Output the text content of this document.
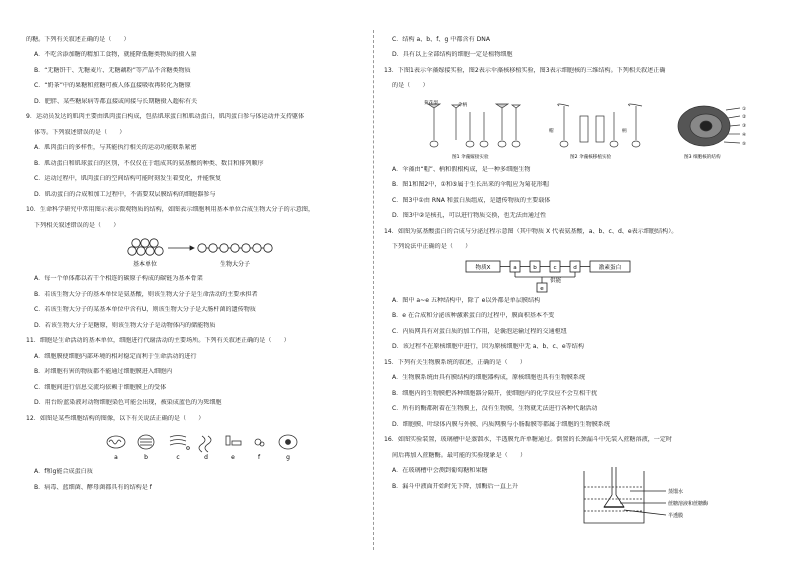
的糖。下列有关叙述正确的是（　　）
A．不吃含添加糖的精加工食物，就能降低糖类物质的摄入量
B．“无糖饼干、无糖麦片、无糖藕粉”等产品不含糖类物质
C．“奶茶”中的果糖和蔗糖可被人体直接吸收再转化为糖原
D．肥胖、某些糖尿病等都直接或间接与长期糖摄入超标有关
9．运动员发达的肌肉主要由肌肉蛋白构成，包括肌球蛋白和肌动蛋白，肌肉蛋白参与体运动并支持躯体
体等。下列叙述错误的是（　　）
A．肌肉蛋白的多样性，与其能执行相关的运动功能联系紧密
B．肌动蛋白和肌球蛋白的区别，不仅仅在于组成其的氨基酸的种类、数目和排列顺序
C．运动过程中，肌肉蛋白的空间结构可能时刻发生着变化，并能恢复
D．肌动蛋白的合成和加工过程中，不需要双层膜结构的细胞器参与
10．生命科学研究中常用图示表示微观物质的结构，如图表示细胞利用基本单位合成生物大分子的示意图，
下列相关叙述错误的是（　　）
基本单位	生物大分子
A．每一个单体都以若干个相连的碳原子构成的碳链为基本骨架
B．若该生物大分子的基本单位是氨基酸，则该生物大分子是生命活动的主要承担者
C．若该生物大分子的某基本单位中含有U，则该生物大分子是大肠杆菌的遗传物质
D．若该生物大分子是糖原，则该生物大分子是动物体内的储能物质
11．细胞是生命活动的基本单位，细胞进行代谢活动的主要场所。下列有关叙述正确的是（　　）
A．细胞膜使细胞内部环境的相对稳定而利于生命活动的进行
B．对细胞有害的物质都不能通过细胞膜进入细胞内
C．细胞间进行信息交流均依赖于细胞膜上的受体
D．用台盼蓝染液对动物细胞染色可能会出现，被染成蓝色的为死细胞
12．如图是某些细胞结构的图像，以下有关说法正确的是（　　）
a	b	c	d	e	f	g
A．f和g能合成蛋白质
B．病毒、蓝细菌、酵母菌都具有的结构是 f
C．结构 a、b、f、g 中都含有 DNA
D．具有以上全部结构的细胞一定是植物细胞
13．下图1表示伞藻嫁接实验，图2表示伞藻核移植实验，图3表示细胞核的三维结构。下列相关叙述正确
的是（　　）
菊花型	伞柄
帽	柄
①
②
③
④
⑤
图1 伞藻嫁接实验	图2 伞藻核移植实验	图3 细胞核的结构
A．伞藻由“帽”、柄和假根构成，是一种多细胞生物
B．图1和图2中，①和⑤属于生长出来的伞帽应为菊花形帽
C．图3中①由 RNA 和蛋白质组成，是遗传物质的主要载体
D．图3中②是核孔，可以进行物质交换，也无法由通过性
14．如图为氨基酸蛋白的合成与分泌过程示意图（其中物质 X 代表氨基酸，a、b、c、d、e表示细胞结构）。
下列说法中正确的是（　　）
物质X	a	b	c	d	激素蛋白
供能
e
A．图中 a~e 五种结构中，除了 e以外都是单层膜结构
B．e 在合成和分泌该种激素蛋白的过程中，膜面积基本不变
C．内质网具有对蛋白质的加工作用，是囊泡运输过程的交通枢纽
D．该过程不在原核细胞中进行，因为原核细胞中无 a、b、c、e等结构
15．下列有关生物膜系统的叙述，正确的是（　　）
A．生物膜系统由具有膜结构的细胞器构成，原核细胞也具有生物膜系统
B．细胞内的生物膜把各种细胞器分隔开，使细胞内的化学反应不会互相干扰
C．所有的酶都附着在生物膜上，没有生物膜，生物就无法进行各种代谢活动
D．细胞膜、叶绿体内膜与外膜、内质网膜与小肠黏膜等都属于细胞的生物膜系统
16．如图实验装置，玻璃槽中是蒸馏水，半透膜允许单糖通过。倒置的长颈漏斗中先装入蔗糖溶液，一定时
间后再加入蔗糖酶。最可能的实验现象是（　　）
A．在玻璃槽中会测到葡萄糖和果糖
B．漏斗中液面开始时先下降，加酶后一直上升
蒸馏水
蔗糖溶液和蔗糖酶
半透膜
